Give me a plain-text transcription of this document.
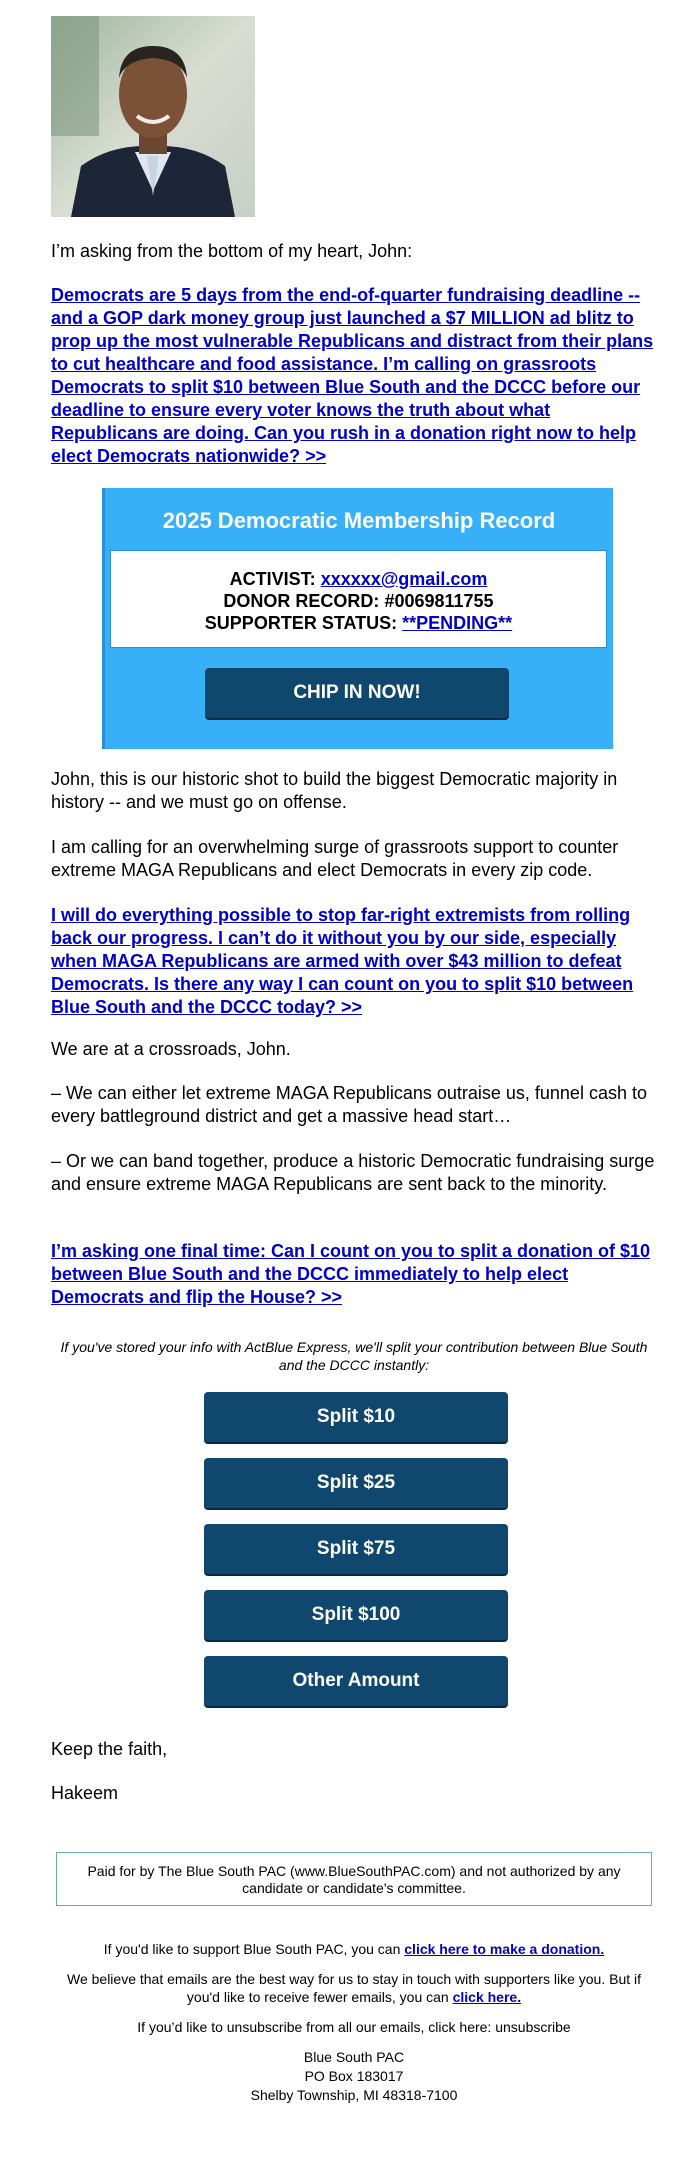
I’m asking from the bottom of my heart, John:
Democrats are 5 days from the end-of-quarter fundraising deadline -- and a GOP dark money group just launched a $7 MILLION ad blitz to prop up the most vulnerable Republicans and distract from their plans to cut healthcare and food assistance. I’m calling on grassroots Democrats to split $10 between Blue South and the DCCC before our deadline to ensure every voter knows the truth about what Republicans are doing. Can you rush in a donation right now to help elect Democrats nationwide? >>
2025 Democratic Membership Record
ACTIVIST: xxxxxx@gmail.com
DONOR RECORD: #0069811755
SUPPORTER STATUS: **PENDING**
CHIP IN NOW!
John, this is our historic shot to build the biggest Democratic majority in history -- and we must go on offense.
I am calling for an overwhelming surge of grassroots support to counter extreme MAGA Republicans and elect Democrats in every zip code.
I will do everything possible to stop far-right extremists from rolling back our progress. I can’t do it without you by our side, especially when MAGA Republicans are armed with over $43 million to defeat Democrats. Is there any way I can count on you to split $10 between Blue South and the DCCC today? >>
We are at a crossroads, John.
– We can either let extreme MAGA Republicans outraise us, funnel cash to every battleground district and get a massive head start…
– Or we can band together, produce a historic Democratic fundraising surge and ensure extreme MAGA Republicans are sent back to the minority.
I’m asking one final time: Can I count on you to split a donation of $10 between Blue South and the DCCC immediately to help elect Democrats and flip the House? >>
If you've stored your info with ActBlue Express, we'll split your contribution between Blue South and the DCCC instantly:
Split $10
Split $25
Split $75
Split $100
Other Amount
Keep the faith,
Hakeem
Paid for by The Blue South PAC (www.BlueSouthPAC.com) and not authorized by any candidate or candidate's committee.
If you'd like to support Blue South PAC, you can click here to make a donation.
We believe that emails are the best way for us to stay in touch with supporters like you. But if you'd like to receive fewer emails, you can click here.
If you’d like to unsubscribe from all our emails, click here: unsubscribe
Blue South PAC
PO Box 183017
Shelby Township, MI 48318-7100
